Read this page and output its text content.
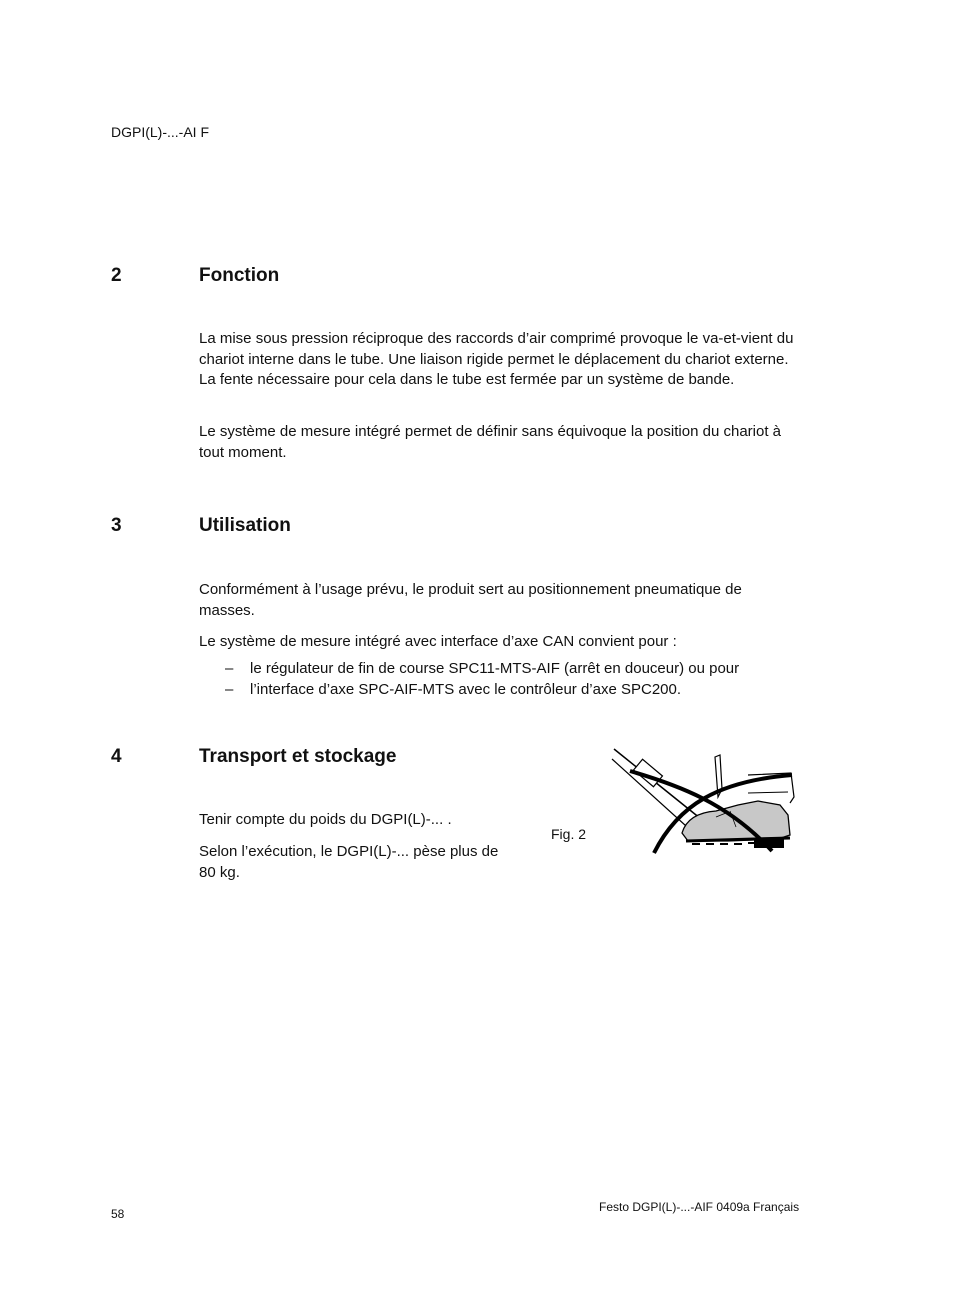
DGPI(L)-...-AI F
2	Fonction
La mise sous pression réciproque des raccords d’air comprimé provoque le va-et-vient du chariot interne dans le tube. Une liaison rigide permet le déplacement du chariot externe. La fente nécessaire pour cela dans le tube est fermée par un système de bande.
Le système de mesure intégré permet de définir sans équivoque la position du chariot à tout moment.
3	Utilisation
Conformément à l’usage prévu, le produit sert au positionnement pneumatique de masses.
Le système de mesure intégré avec interface d’axe CAN convient pour :
– le régulateur de fin de course SPC11-MTS-AIF (arrêt en douceur) ou pour
– l’interface d’axe SPC-AIF-MTS avec le contrôleur d’axe SPC200.
4	Transport et stockage
Tenir compte du poids du DGPI(L)-... .
Selon l’exécution, le DGPI(L)-... pèse plus de 80 kg.
Fig. 2
58	Festo DGPI(L)-...-AIF 0409a Français
